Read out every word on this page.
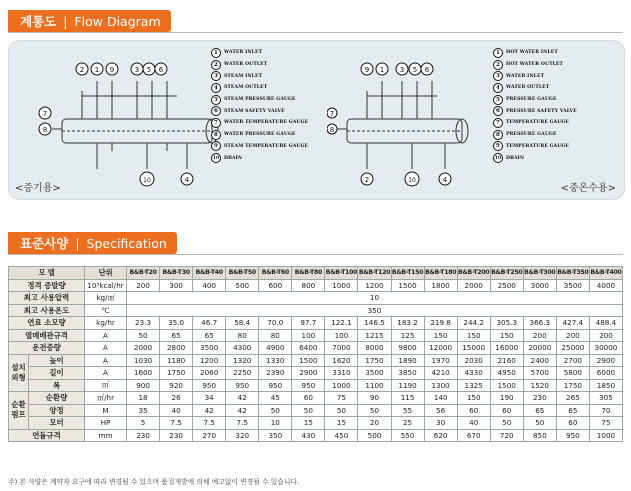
계통도 | Flow Diagram
1
2	3
4
5 6
7
8
9
10
1	WATER INLET
2	WATER OUTLET
3	STEAM INLET
4	STEAM OUTLET
5	STEAM PRESSURE GAUGE
6	STEAM SAFETY VALVE
7	WATER TEMPERATURE GAUGE
8	WATER PRESSURE GAUGE
9	STEAM TEMPERATURE GAUGE
10	DRAIN
1
2
3
4
5 6
7
8
9
10
1	HOT WATER INLET
2	HOT WATER OUTLET
3	WATER INLET
4	WATER OUTLET
5	PRESSURE GAUGE
6	PRESSURE SAFETY VALVE
7	TEMPERATURE GAUGE
8	PRESSURE GAUGE
9	TEMPERATURE GAUGE
10	DRAIN
<증기용>	<중온수용>
표준사양 | Specification
모 델		단위	B&B-T20	B&B-T30	B&B-T40	B&B-T50	B&B-T60	B&B-T80	B&B-T100	B&B-T120	B&B-T150	B&B-T180	B&B-T200	B&B-T250	B&B-T300	B&B-T350	B&B-T400
정격 증발량		10³kcal/hr	200	300	400	500	600	800	1000	1200	1500	1800	2000	2500	3000	3500	4000
최고 사용압력		kg/㎠	10														
최고 사용온도		℃	350														
연료 소모량		kg/hr	23.3	35.0	46.7	58.4	70.0	97.7	122.1	146.5	183.2	219.8	244.2	305.3	366.3	427.4	488.4
열매배관규격		A	50	65	65	80	80	100	100	1215	125	150	150	150	200	200	200
운전중량		A	2000	2800	3500	4300	4900	6400	7000	8000	9800	12000	15000	16000	20000	25000	30000
설치 외형	높이	A	1030	1180	1200	1320	1330	1500	1620	1750	1890	1970	2030	2160	2400	2700	2900
	길이	A	1600	1750	2060	2250	2390	2900	3310	3500	3850	4210	4330	4950	5700	5800	6000
	폭	㎡	900	920	950	950	950	950	1000	1100	1190	1300	1325	1500	1520	1750	1850
순환 펌프	순환량	㎥/hr	18	26	34	42	45	60	75	90	115	140	150	190	230	265	305
	양정	M	35	40	42	42	50	50	50	50	55	56	60	60	65	65	70
	모터	HP	5	7.5	7.5	7.5	10	15	15	20	25	30	40	50	50	60	75
연돌규격		mm	230	230	270	320	350	430	450	500	550	620	670	720	850	950	1000
주) 본 사양은 계약자 요구에 따라 변경될 수 있으며 품질개발에 의해 예고없이 변경될 수 있습니다.
